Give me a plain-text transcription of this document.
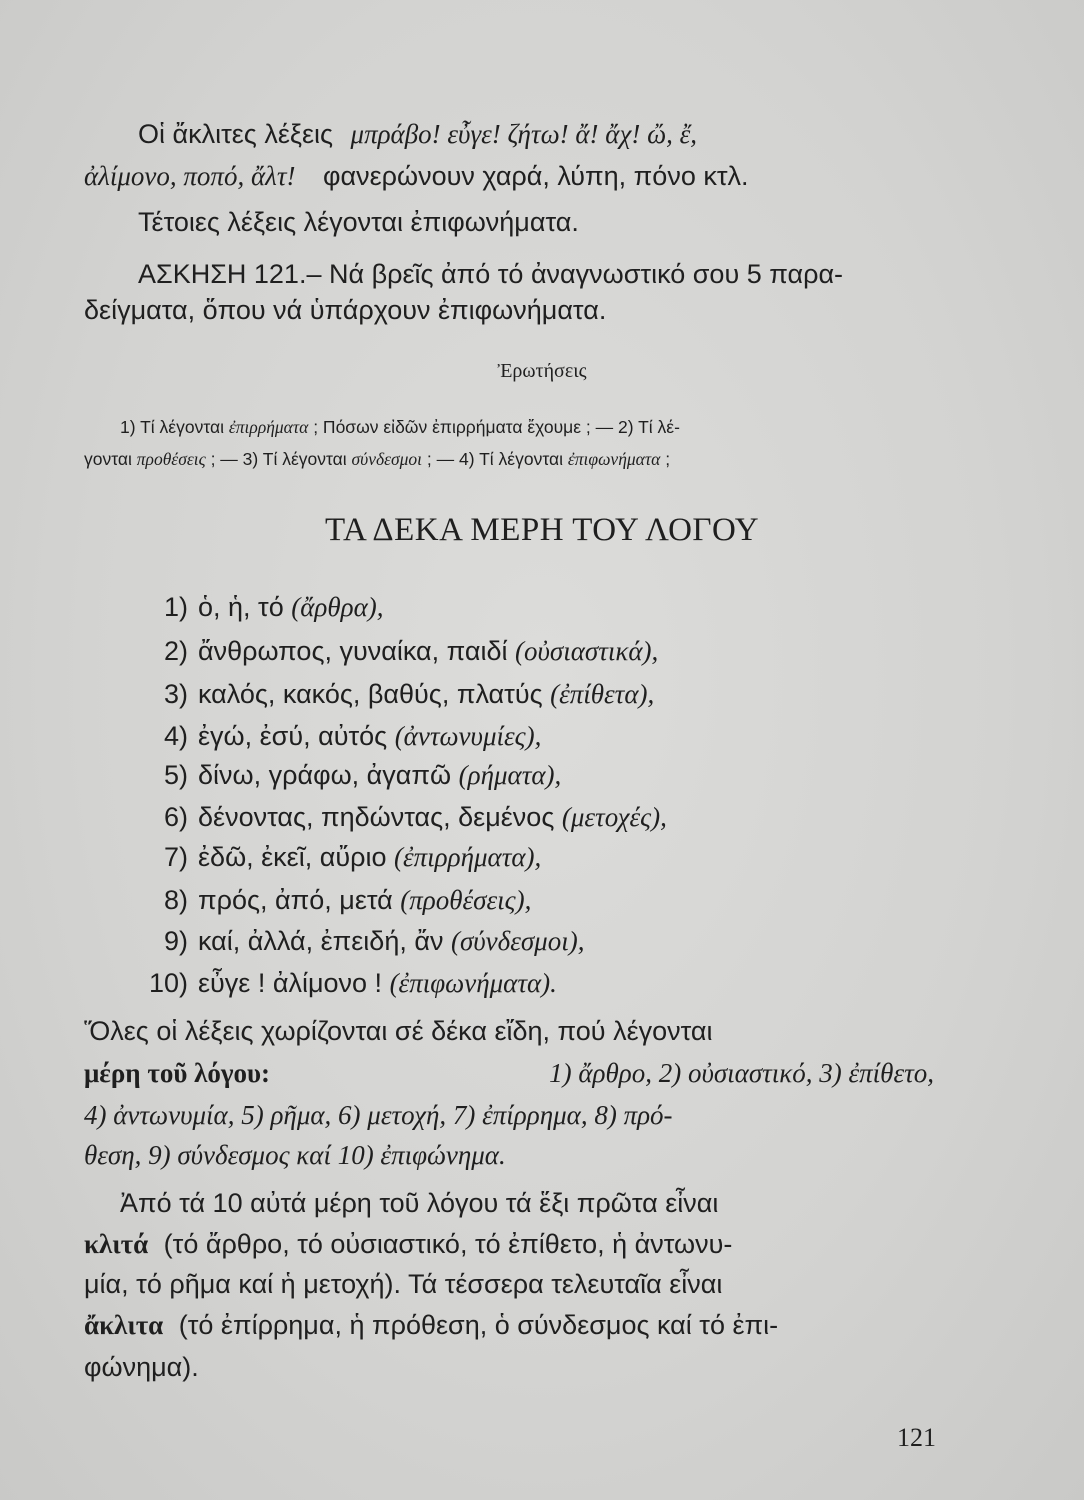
Οἱ ἄκλιτες λέξεις μπράβο! εὖγε! ζήτω! ἄ! ἄχ! ὤ, ἔ,
ἀλίμονο, ποπό, ἄλτ! φανερώνουν χαρά, λύπη, πόνο κτλ.
Τέτοιες λέξεις λέγονται ἐπιφωνήματα.
ΑΣΚΗΣΗ 121.– Νά βρεῖς ἀπό τό ἀναγνωστικό σου 5 παρα-
δείγματα, ὅπου νά ὑπάρχουν ἐπιφωνήματα.
Ἐρωτήσεις
1) Τί λέγονται ἐπιρρήματα ; Πόσων εἰδῶν ἐπιρρήματα ἔχουμε ; — 2) Τί λέ-
γονται προθέσεις ; — 3) Τί λέγονται σύνδεσμοι ; — 4) Τί λέγονται ἐπιφωνήματα ;
ΤΑ ΔΕΚΑ ΜΕΡΗ ΤΟΥ ΛΟΓΟΥ
1) ὁ, ἡ, τό (ἄρθρα),
2) ἄνθρωπος, γυναίκα, παιδί (οὐσιαστικά),
3) καλός, κακός, βαθύς, πλατύς (ἐπίθετα),
4) ἐγώ, ἐσύ, αὐτός (ἀντωνυμίες),
5) δίνω, γράφω, ἀγαπῶ (ρήματα),
6) δένοντας, πηδώντας, δεμένος (μετοχές),
7) ἐδῶ, ἐκεῖ, αὔριο (ἐπιρρήματα),
8) πρός, ἀπό, μετά (προθέσεις),
9) καί, ἀλλά, ἐπειδή, ἄν (σύνδεσμοι),
10) εὖγε ! ἀλίμονο ! (ἐπιφωνήματα).
Ὅλες οἱ λέξεις χωρίζονται σέ δέκα εἴδη, πού λέγονται
μέρη τοῦ λόγου:	1) ἄρθρο, 2) οὐσιαστικό, 3) ἐπίθετο,
4) ἀντωνυμία, 5) ρῆμα, 6) μετοχή, 7) ἐπίρρημα, 8) πρό-
θεση, 9) σύνδεσμος καί 10) ἐπιφώνημα.
Ἀπό τά 10 αὐτά μέρη τοῦ λόγου τά ἕξι πρῶτα εἶναι
κλιτά (τό ἄρθρο, τό οὐσιαστικό, τό ἐπίθετο, ἡ ἀντωνυ-
μία, τό ρῆμα καί ἡ μετοχή). Τά τέσσερα τελευταῖα εἶναι
ἄκλιτα (τό ἐπίρρημα, ἡ πρόθεση, ὁ σύνδεσμος καί τό ἐπι-
φώνημα).
121
